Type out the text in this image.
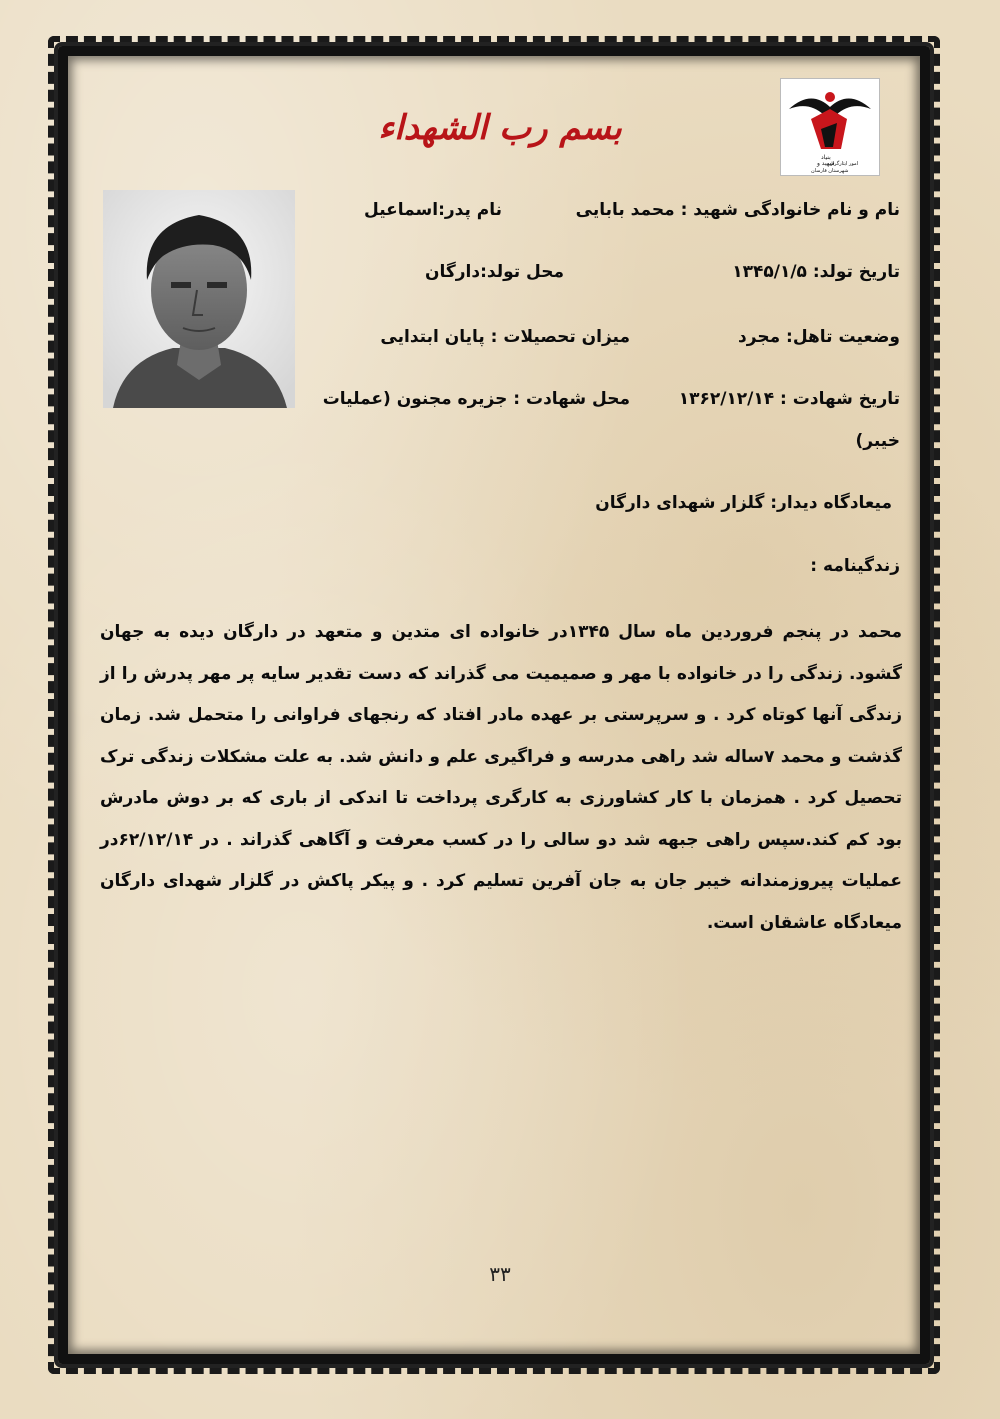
بنیاد
شهید و
امور ایثارگران
شهرستان فارسان
بسم رب الشهداء
نام و نام خانوادگی شهید : محمد بابایی
نام پدر:اسماعیل
تاریخ تولد: ۱۳۴۵/۱/۵
محل تولد:دارگان
وضعیت تاهل: مجرد
میزان تحصیلات : پایان ابتدایی
تاریخ شهادت : ۱۳۶۲/۱۲/۱۴
محل شهادت : جزیره مجنون (عملیات
خیبر)
میعادگاه دیدار: گلزار شهدای دارگان
زندگینامه :
محمد در پنجم فروردین ماه سال ۱۳۴۵در خانواده ای متدین و متعهد در دارگان دیده به جهان گشود. زندگی را در خانواده با مهر و صمیمیت می گذراند که دست تقدیر سایه پر مهر پدرش را از زندگی آنها کوتاه کرد . و سرپرستی بر عهده مادر افتاد که رنجهای فراوانی را متحمل شد. زمان گذشت و محمد ۷ساله شد راهی مدرسه و فراگیری علم و دانش شد. به علت مشکلات زندگی ترک تحصیل کرد . همزمان با کار کشاورزی به کارگری پرداخت تا اندکی از باری که بر دوش مادرش بود کم کند.سپس راهی جبهه شد دو سالی را در کسب معرفت و آگاهی گذراند . در ۶۲/۱۲/۱۴در عملیات پیروزمندانه خیبر جان به جان آفرین تسلیم کرد . و پیکر پاکش در گلزار شهدای دارگان میعادگاه عاشقان است.
۳۳
